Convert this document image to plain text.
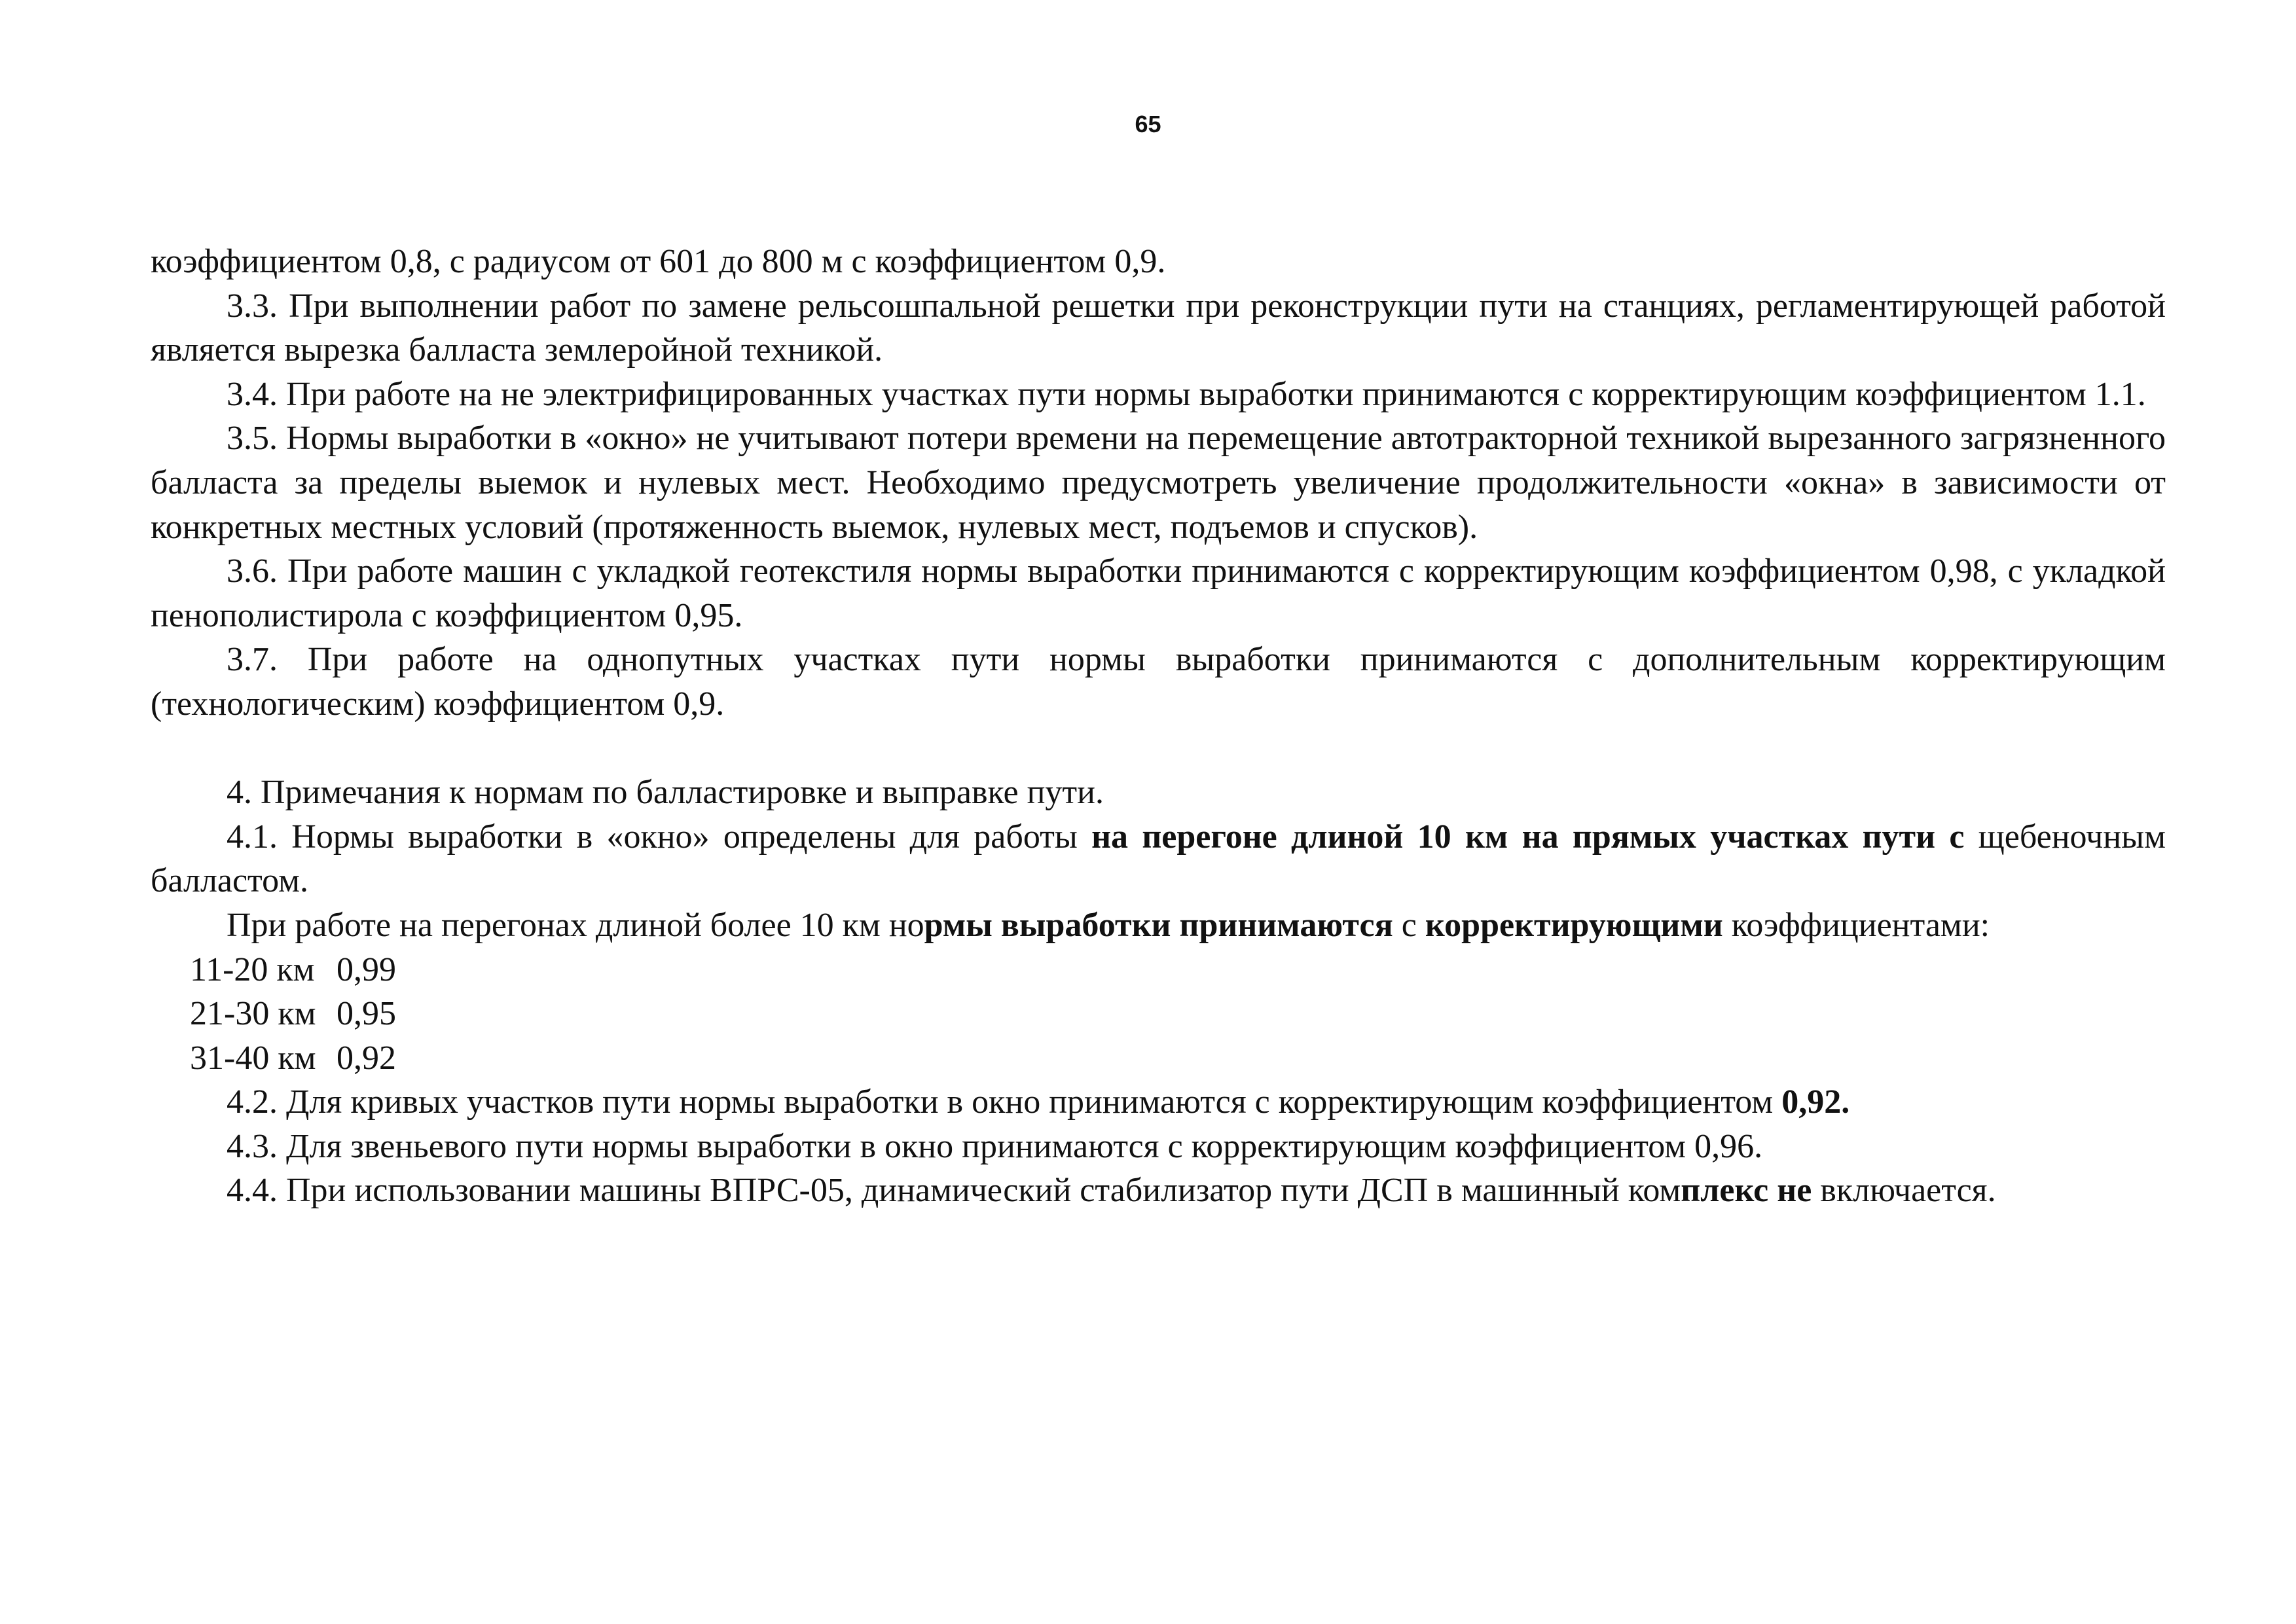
65

коэффициентом 0,8, с радиусом от 601 до 800 м с коэффициентом 0,9.

3.3. При выполнении работ по замене рельсошпальной решетки при реконструкции пути на станциях, регламентирующей работой является вырезка балласта землеройной техникой.

3.4. При работе на не электрифицированных участках пути нормы выработки принимаются с корректирующим коэффициентом 1.1.

3.5. Нормы выработки в «окно» не учитывают потери времени на перемещение автотракторной техникой вырезанного загрязненного балласта за пределы выемок и нулевых мест. Необходимо предусмотреть увеличение продолжительности «окна» в зависимости от конкретных местных условий (протяженность выемок, нулевых мест, подъемов и спусков).

3.6. При работе машин с укладкой геотекстиля нормы выработки принимаются с корректирующим коэффициентом 0,98, с укладкой пенополистирола с коэффициентом 0,95.

3.7. При работе на однопутных участках пути нормы выработки принимаются с дополнительным корректирующим (технологическим) коэффициентом 0,9.

4. Примечания к нормам по балластировке и выправке пути.

4.1. Нормы выработки в «окно» определены для работы на перегоне длиной 10 км на прямых участках пути с щебеночным балластом.

При работе на перегонах длиной более 10 км нормы выработки принимаются с корректирующими коэффициентами:

11-20 км 0,99

21-30 км 0,95

31-40 км 0,92

4.2. Для кривых участков пути нормы выработки в окно принимаются с корректирующим коэффициентом 0,92.

4.3. Для звеньевого пути нормы выработки в окно принимаются с корректирующим коэффициентом 0,96.

4.4. При использовании машины ВПРС-05, динамический стабилизатор пути ДСП в машинный комплекс не включается.
